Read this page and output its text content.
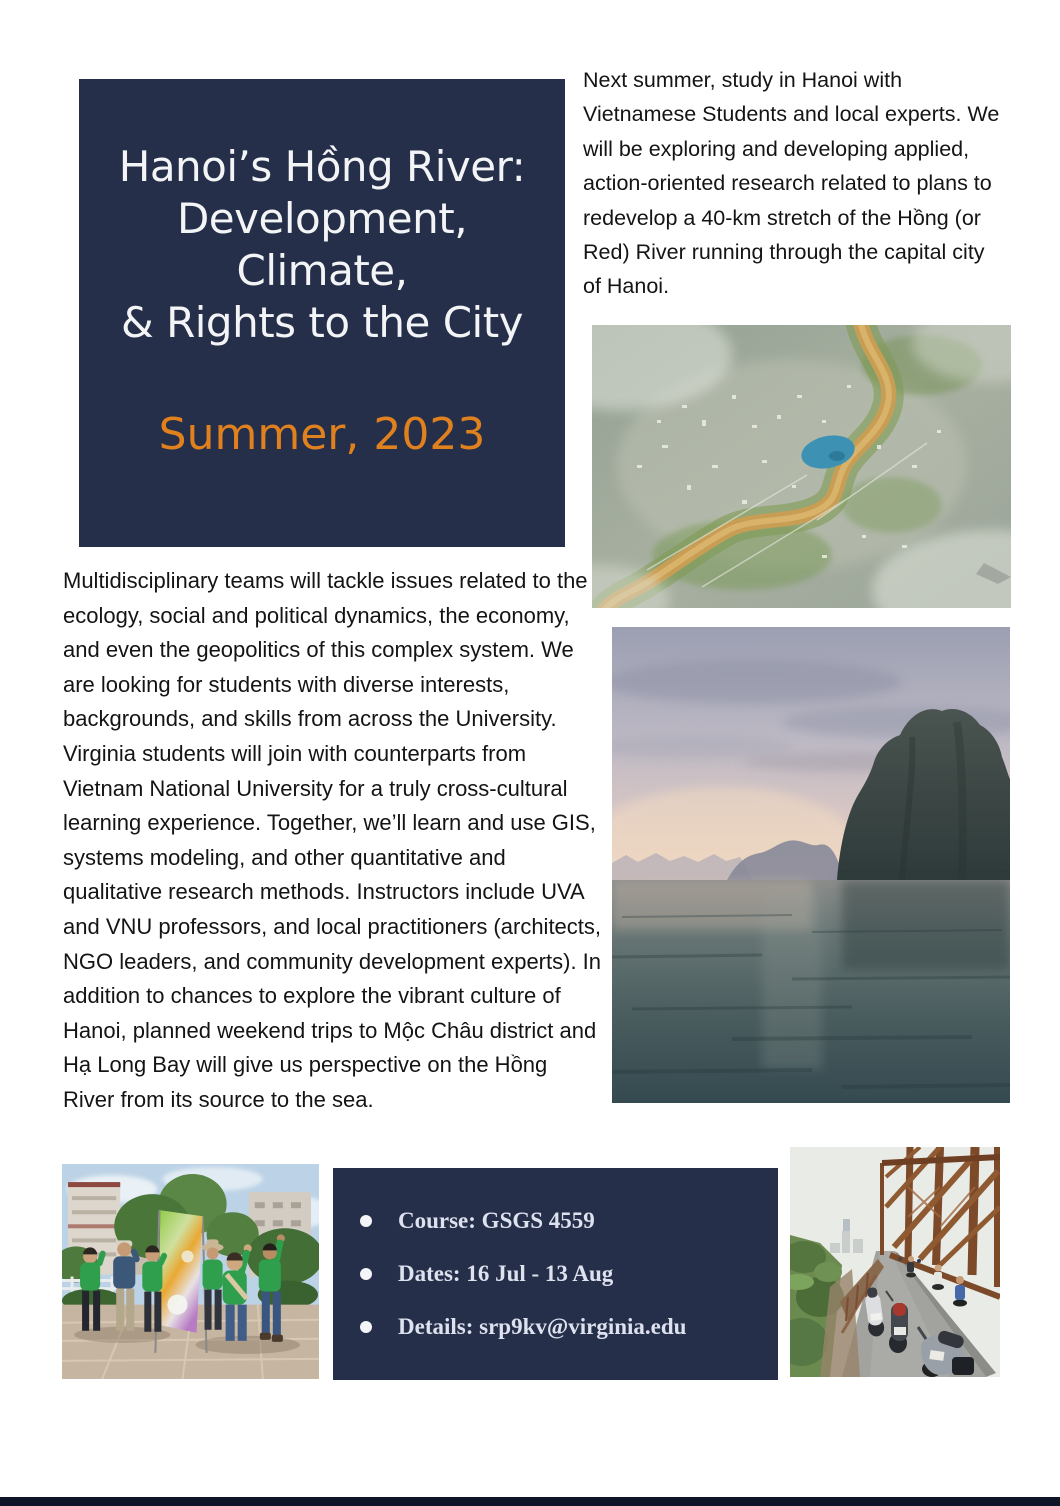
Hanoi’s Hồng River:
Development,
Climate,
& Rights to the City
Summer, 2023

Next summer, study in Hanoi with Vietnamese Students and local experts. We will be exploring and developing applied, action-oriented research related to plans to redevelop a 40-km stretch of the Hồng (or Red) River running through the capital city of Hanoi.

Multidisciplinary teams will tackle issues related to the ecology, social and political dynamics, the economy, and even the geopolitics of this complex system. We are looking for students with diverse interests, backgrounds, and skills from across the University. Virginia students will join with counterparts from Vietnam National University for a truly cross-cultural learning experience. Together, we’ll learn and use GIS, systems modeling, and other quantitative and qualitative research methods. Instructors include UVA and VNU professors, and local practitioners (architects, NGO leaders, and community development experts). In addition to chances to explore the vibrant culture of Hanoi, planned weekend trips to Mộc Châu district and Hạ Long Bay will give us perspective on the Hồng River from its source to the sea.

Course: GSGS 4559
Dates: 16 Jul - 13 Aug
Details: srp9kv@virginia.edu
